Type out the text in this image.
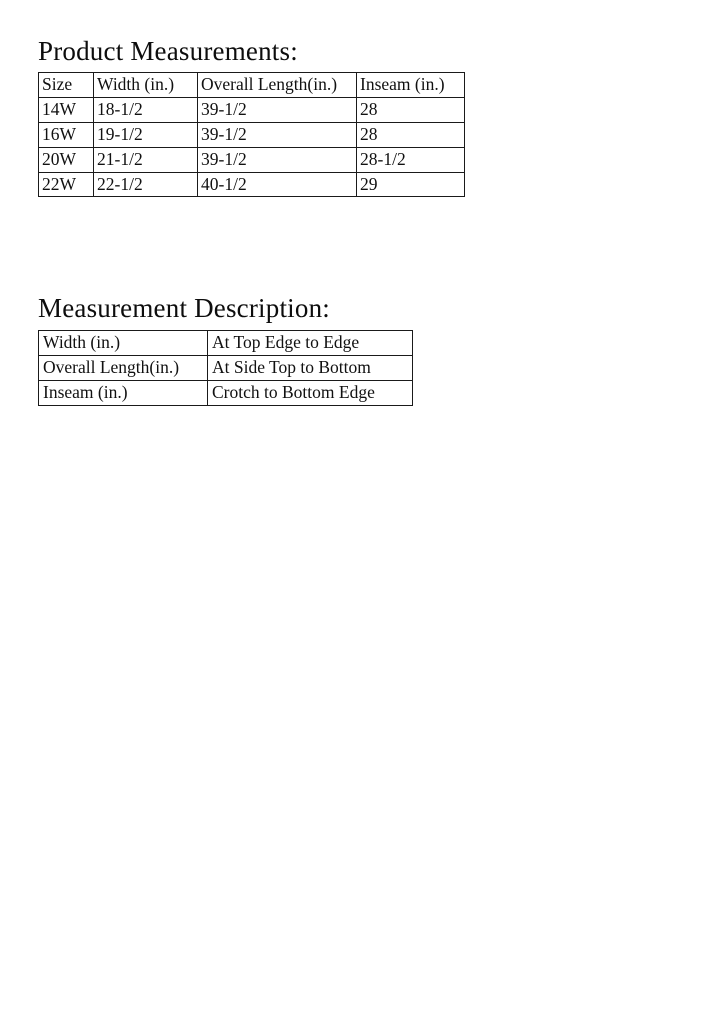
Product Measurements:
Size	Width (in.)	Overall Length(in.)	Inseam (in.)
14W	18-1/2	39-1/2	28
16W	19-1/2	39-1/2	28
20W	21-1/2	39-1/2	28-1/2
22W	22-1/2	40-1/2	29
Measurement Description:
Width (in.)	At Top Edge to Edge
Overall Length(in.)	At Side Top to Bottom
Inseam (in.)	Crotch to Bottom Edge
